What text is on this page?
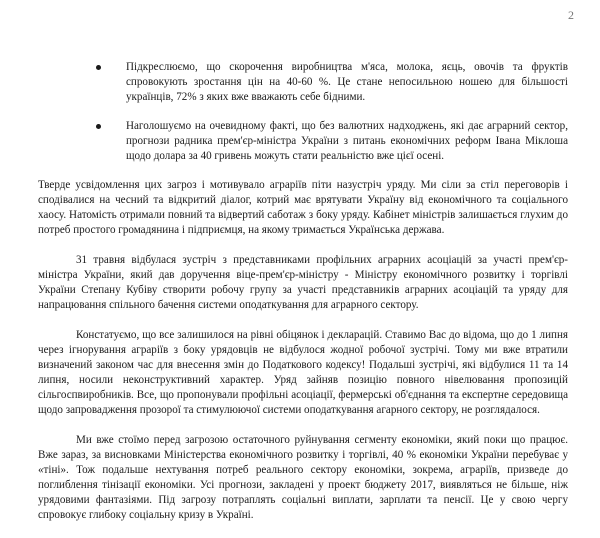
2
Підкреслюємо, що скорочення виробництва м'яса, молока, яєць, овочів та фруктів спровокують зростання цін на 40-60 %. Це стане непосильною ношею для більшості українців, 72% з яких вже вважають себе бідними.
Наголошуємо на очевидному факті, що без валютних надходжень, які дає аграрний сектор, прогнози радника прем'єр-міністра України з питань економічних реформ Івана Міклоша щодо долара за 40 гривень можуть стати реальністю вже цієї осені.

Тверде усвідомлення цих загроз і мотивувало аграріїв піти назустріч уряду. Ми сіли за стіл переговорів і сподівалися на чесний та відкритий діалог, котрий має врятувати Україну від економічного та соціального хаосу. Натомість отримали повний та відвертий саботаж з боку уряду. Кабінет міністрів залишається глухим до потреб простого громадянина і підприємця, на якому тримається Українська держава.

31 травня відбулася зустріч з представниками профільних аграрних асоціацій за участі прем'єр-міністра України, який дав доручення віце-прем'єр-міністру - Міністру економічного розвитку і торгівлі України Степану Кубіву створити робочу групу за участі представників аграрних асоціацій та уряду для напрацювання спільного бачення системи оподаткування для аграрного сектору.

Констатуємо, що все залишилося на рівні обіцянок і декларацій. Ставимо Вас до відома, що до 1 липня через ігнорування аграріїв з боку урядовців не відбулося жодної робочої зустрічі. Тому ми вже втратили визначений законом час для внесення змін до Податкового кодексу! Подальші зустрічі, які відбулися 11 та 14 липня, носили неконструктивний характер. Уряд зайняв позицію повного нівелювання пропозицій сільгоспвиробників. Все, що пропонували профільні асоціації, фермерські об'єднання та експертне середовища щодо запровадження прозорої та стимулюючої системи оподаткування агарного сектору, не розглядалося.

Ми вже стоїмо перед загрозою остаточного руйнування сегменту економіки, який поки що працює. Вже зараз, за висновками Міністерства економічного розвитку і торгівлі, 40 % економіки України перебуває у «тіні». Тож подальше нехтування потреб реального сектору економіки, зокрема, аграріїв, призведе до поглиблення тінізації економіки. Усі прогнози, закладені у проект бюджету 2017, виявляться не більше, ніж урядовими фантазіями. Під загрозу потраплять соціальні виплати, зарплати та пенсії. Це у свою чергу спровокує глибоку соціальну кризу в Україні.
